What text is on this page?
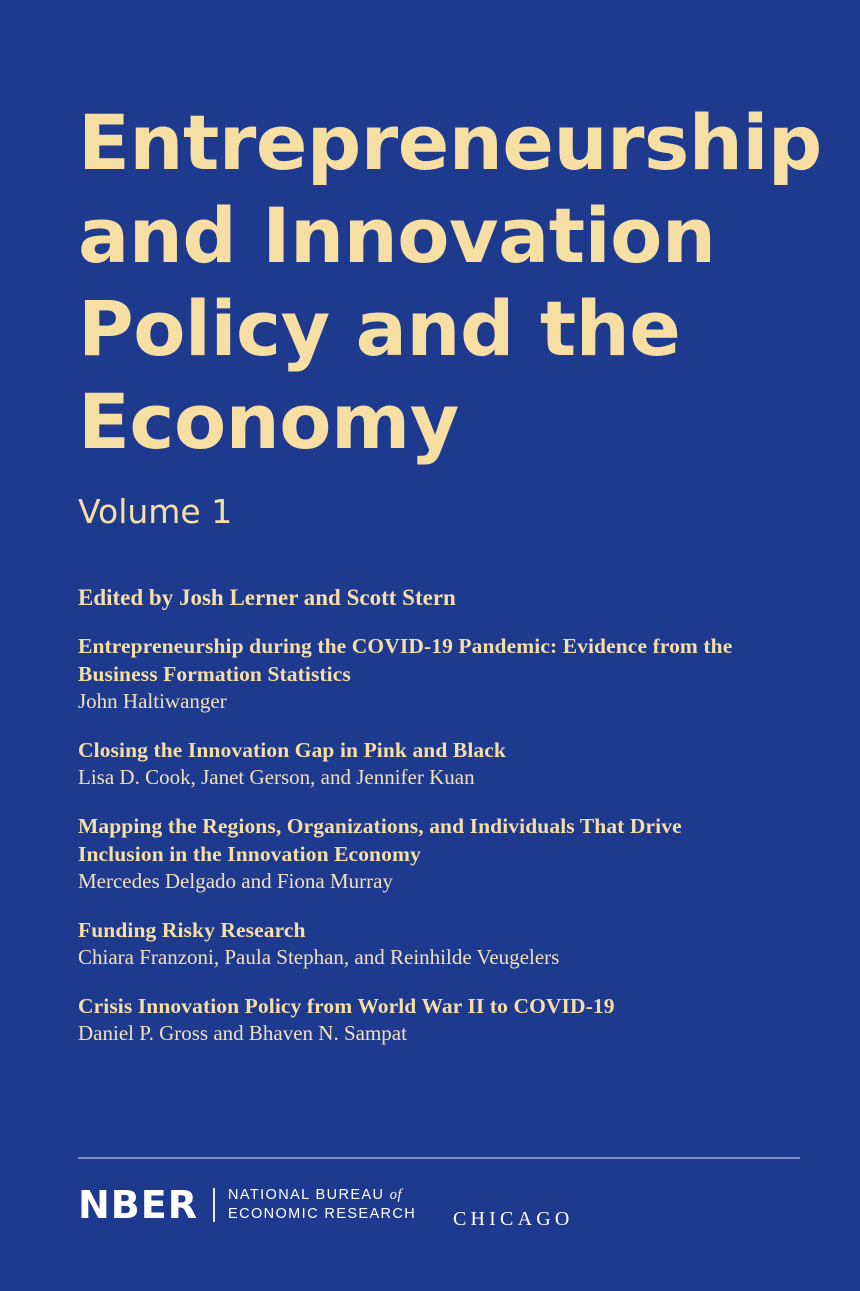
Entrepreneurship
and Innovation
Policy and the
Economy
Volume 1
Edited by Josh Lerner and Scott Stern
Entrepreneurship during the COVID-19 Pandemic: Evidence from the Business Formation Statistics
John Haltiwanger
Closing the Innovation Gap in Pink and Black
Lisa D. Cook, Janet Gerson, and Jennifer Kuan
Mapping the Regions, Organizations, and Individuals That Drive Inclusion in the Innovation Economy
Mercedes Delgado and Fiona Murray
Funding Risky Research
Chiara Franzoni, Paula Stephan, and Reinhilde Veugelers
Crisis Innovation Policy from World War II to COVID-19
Daniel P. Gross and Bhaven N. Sampat
NBER NATIONAL BUREAU of
ECONOMIC RESEARCH CHICAGO
